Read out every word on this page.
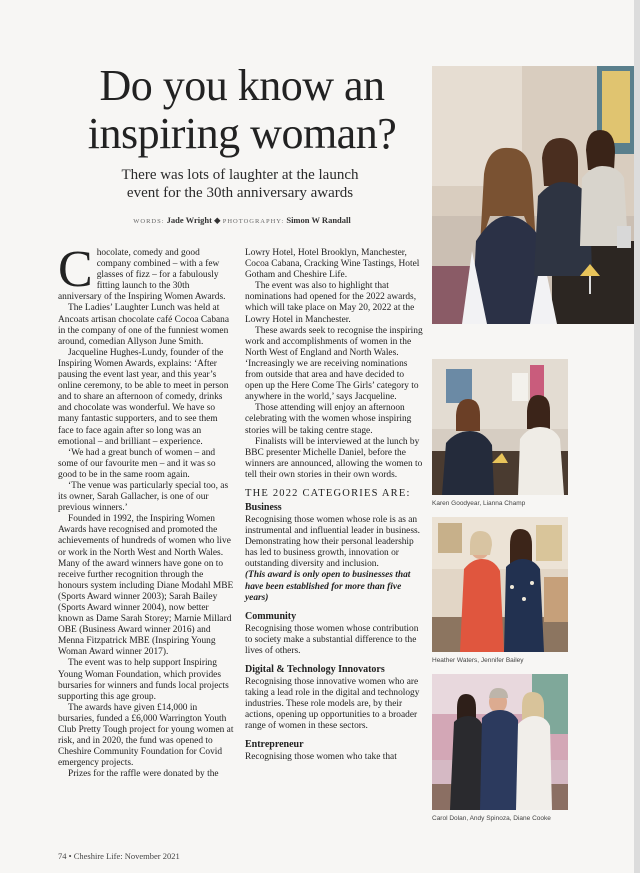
Do you know an
inspiring woman?
There was lots of laughter at the launch
event for the 30th anniversary awards
WORDS: Jade Wright ◆ PHOTOGRAPHY: Simon W Randall

Chocolate, comedy and good company combined – with a few glasses of fizz – for a fabulously fitting launch to the 30th anniversary of the Inspiring Women Awards.

The Ladies’ Laughter Lunch was held at Ancoats artisan chocolate café Cocoa Cabana in the company of one of the funniest women around, comedian Allyson June Smith.

Jacqueline Hughes-Lundy, founder of the Inspiring Women Awards, explains: ‘After pausing the event last year, and this year’s online ceremony, to be able to meet in person and to share an afternoon of comedy, drinks and chocolate was wonderful. We have so many fantastic supporters, and to see them face to face again after so long was an emotional – and brilliant – experience.

‘We had a great bunch of women – and some of our favourite men – and it was so good to be in the same room again.

‘The venue was particularly special too, as its owner, Sarah Gallacher, is one of our previous winners.’

Founded in 1992, the Inspiring Women Awards have recognised and promoted the achievements of hundreds of women who live or work in the North West and North Wales. Many of the award winners have gone on to receive further recognition through the honours system including Diane Modahl MBE (Sports Award winner 2003); Sarah Bailey (Sports Award winner 2004), now better known as Dame Sarah Storey; Marnie Millard OBE (Business Award winner 2016) and Menna Fitzpatrick MBE (Inspiring Young Woman Award winner 2017).

The event was to help support Inspiring Young Woman Foundation, which provides bursaries for winners and funds local projects supporting this age group.

The awards have given £14,000 in bursaries, funded a £6,000 Warrington Youth Club Pretty Tough project for young women at risk, and in 2020, the fund was opened to Cheshire Community Foundation for Covid emergency projects.

Prizes for the raffle were donated by the

Lowry Hotel, Hotel Brooklyn, Manchester, Cocoa Cabana, Cracking Wine Tastings, Hotel Gotham and Cheshire Life.

The event was also to highlight that nominations had opened for the 2022 awards, which will take place on May 20, 2022 at the Lowry Hotel in Manchester.

These awards seek to recognise the inspiring work and accomplishments of women in the North West of England and North Wales. ‘Increasingly we are receiving nominations from outside that area and have decided to open up the Here Come The Girls’ category to anywhere in the world,’ says Jacqueline.

Those attending will enjoy an afternoon celebrating with the women whose inspiring stories will be taking centre stage.

Finalists will be interviewed at the lunch by BBC presenter Michelle Daniel, before the winners are announced, allowing the women to tell their own stories in their own words.

THE 2022 CATEGORIES ARE:
Business

Recognising those women whose role is as an instrumental and influential leader in business. Demonstrating how their personal leadership has led to business growth, innovation or outstanding diversity and inclusion.

(This award is only open to businesses that have been established for more than five years)

Community

Recognising those women whose contribution to society make a substantial difference to the lives of others.

Digital & Technology Innovators

Recognising those innovative women who are taking a lead role in the digital and technology industries. These role models are, by their actions, opening up opportunities to a broader range of women in these sectors.

Entrepreneur

Recognising those women who take that

Karen Goodyear, Lianna Champ
Heather Waters, Jennifer Bailey
Carol Dolan, Andy Spinoza, Diane Cooke
74 • Cheshire Life: November 2021
